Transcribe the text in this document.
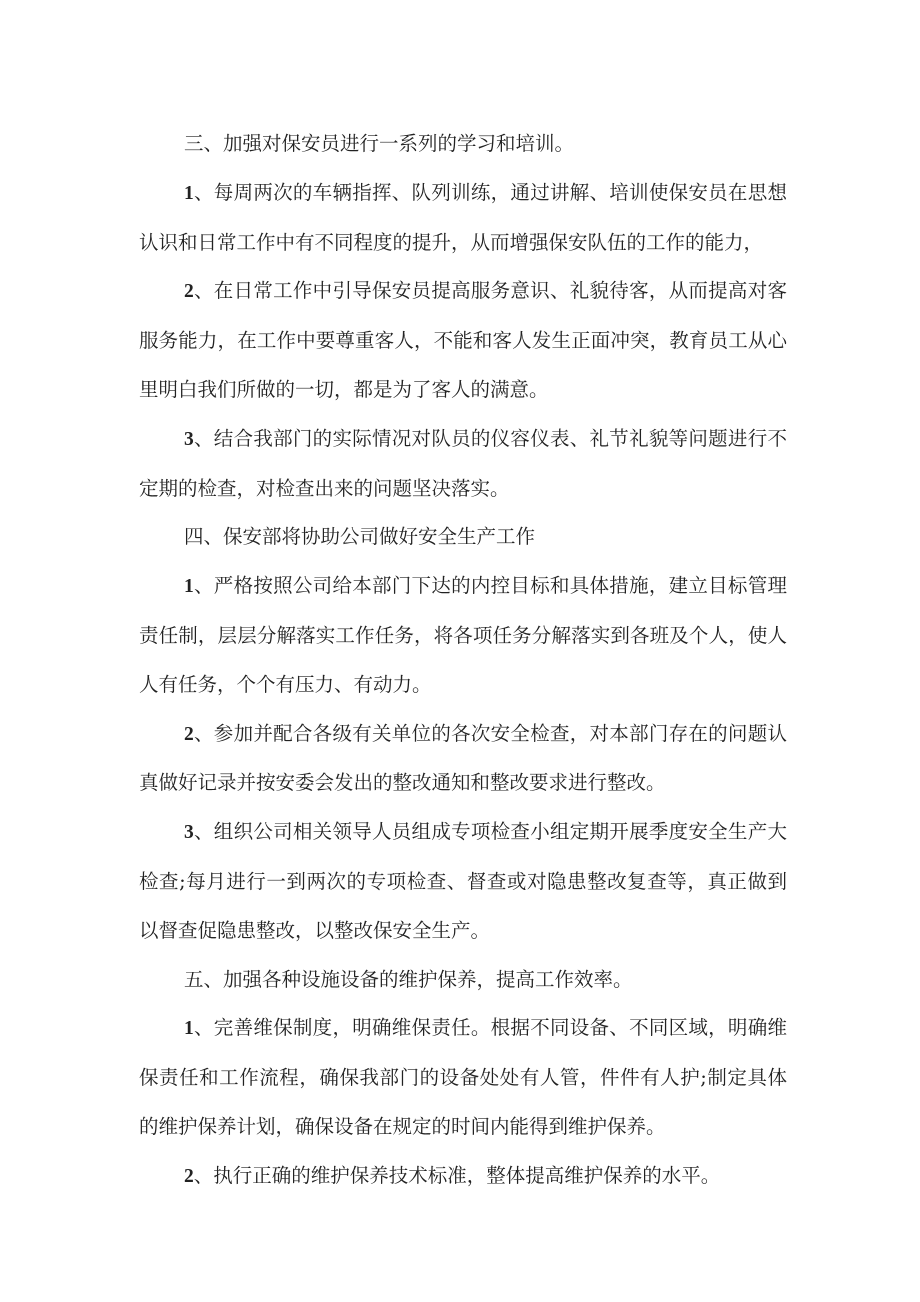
三、加强对保安员进行一系列的学习和培训。

1、每周两次的车辆指挥、队列训练，通过讲解、培训使保安员在思想认识和日常工作中有不同程度的提升，从而增强保安队伍的工作的能力，

2、在日常工作中引导保安员提高服务意识、礼貌待客，从而提高对客服务能力，在工作中要尊重客人，不能和客人发生正面冲突，教育员工从心里明白我们所做的一切，都是为了客人的满意。

3、结合我部门的实际情况对队员的仪容仪表、礼节礼貌等问题进行不定期的检查，对检查出来的问题坚决落实。

四、保安部将协助公司做好安全生产工作

1、严格按照公司给本部门下达的内控目标和具体措施，建立目标管理责任制，层层分解落实工作任务，将各项任务分解落实到各班及个人，使人人有任务，个个有压力、有动力。

2、参加并配合各级有关单位的各次安全检查，对本部门存在的问题认真做好记录并按安委会发出的整改通知和整改要求进行整改。

3、组织公司相关领导人员组成专项检查小组定期开展季度安全生产大检查;每月进行一到两次的专项检查、督查或对隐患整改复查等，真正做到以督查促隐患整改，以整改保安全生产。

五、加强各种设施设备的维护保养，提高工作效率。

1、完善维保制度，明确维保责任。根据不同设备、不同区域，明确维保责任和工作流程，确保我部门的设备处处有人管，件件有人护;制定具体的维护保养计划，确保设备在规定的时间内能得到维护保养。

2、执行正确的维护保养技术标准，整体提高维护保养的水平。
